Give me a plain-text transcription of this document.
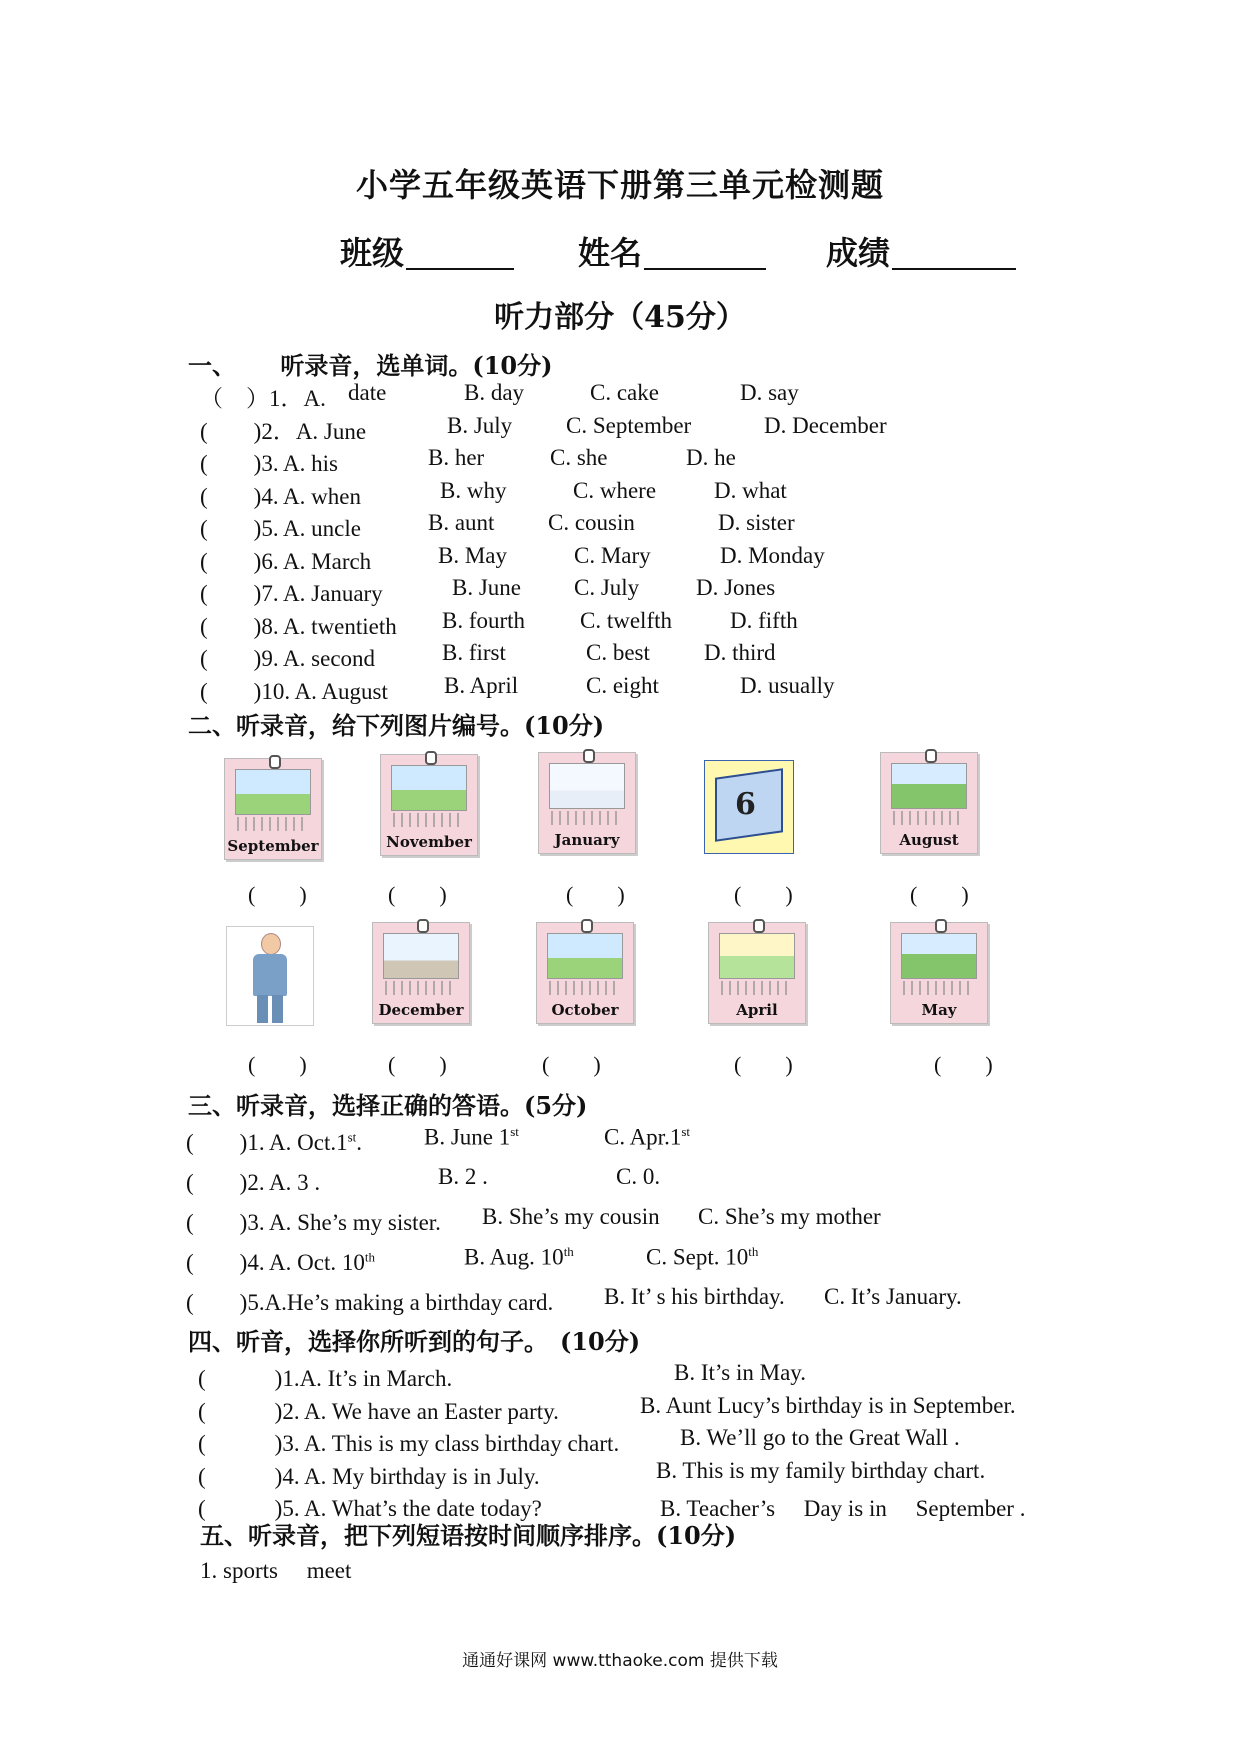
小学五年级英语下册第三单元检测题
班级	姓名	成绩
听力部分（45分）
一、 听录音，选单词。(10分)
（　）1．A. date	B. day	C. cake	D. say
(　　)2．A. June	B. July C. September	D. December
(　　)3. A. his	B. her	C. she	D. he
(　　)4. A. when	B. why	C. where	D. what
(　　)5. A. uncle	B. aunt C. cousin	D. sister
(　　)6. A. March	B. May	C. Mary	D. Monday
(　　)7. A. January	B. June C. July D. Jones
(　　)8. A. twentieth B. fourth C. twelfth	D. fifth
(　　)9. A. second	B. first	C. best D. third
(　　)10. A. August B. April	C. eight	D. usually
二、听录音，给下列图片编号。(10分)
September	November	January
6
August
(　　)	(　　)	(　　)	(　　)	(　　)
December	October	April	May
(　　)	(　　)	(　　)	(　　)	(　　)
三、听录音，选择正确的答语。(5分)
(　　)1. A. Oct.1st.	B. June 1st	C. Apr.1st
(　　)2. A. 3 .	B. 2 .	C. 0.
(　　)3. A. She’s my sister. B. She’s my cousin C. She’s my mother
(　　)4. A. Oct. 10th	B. Aug. 10th	C. Sept. 10th
(　　)5.A.He’s making a birthday card. B. It’ s his birthday. C. It’s January.
四、听音，选择你所听到的句子。　(10分)
(　　　)1.A. It’s in March.	B. It’s in May.
(　　　)2. A. We have an Easter party.	B. Aunt Lucy’s birthday is in September.
(　　　)3. A. This is my class birthday chart.	B. We’ll go to the Great Wall .
(　　　)4. A. My birthday is in July.	B. This is my family birthday chart.
(　　　)5. A. What’s the date today?	B. Teacher’s　 Day is in　 September .
五、听录音，把下列短语按时间顺序排序。(10分)
1. sports　 meet
通通好课网 www.tthaoke.com 提供下载
